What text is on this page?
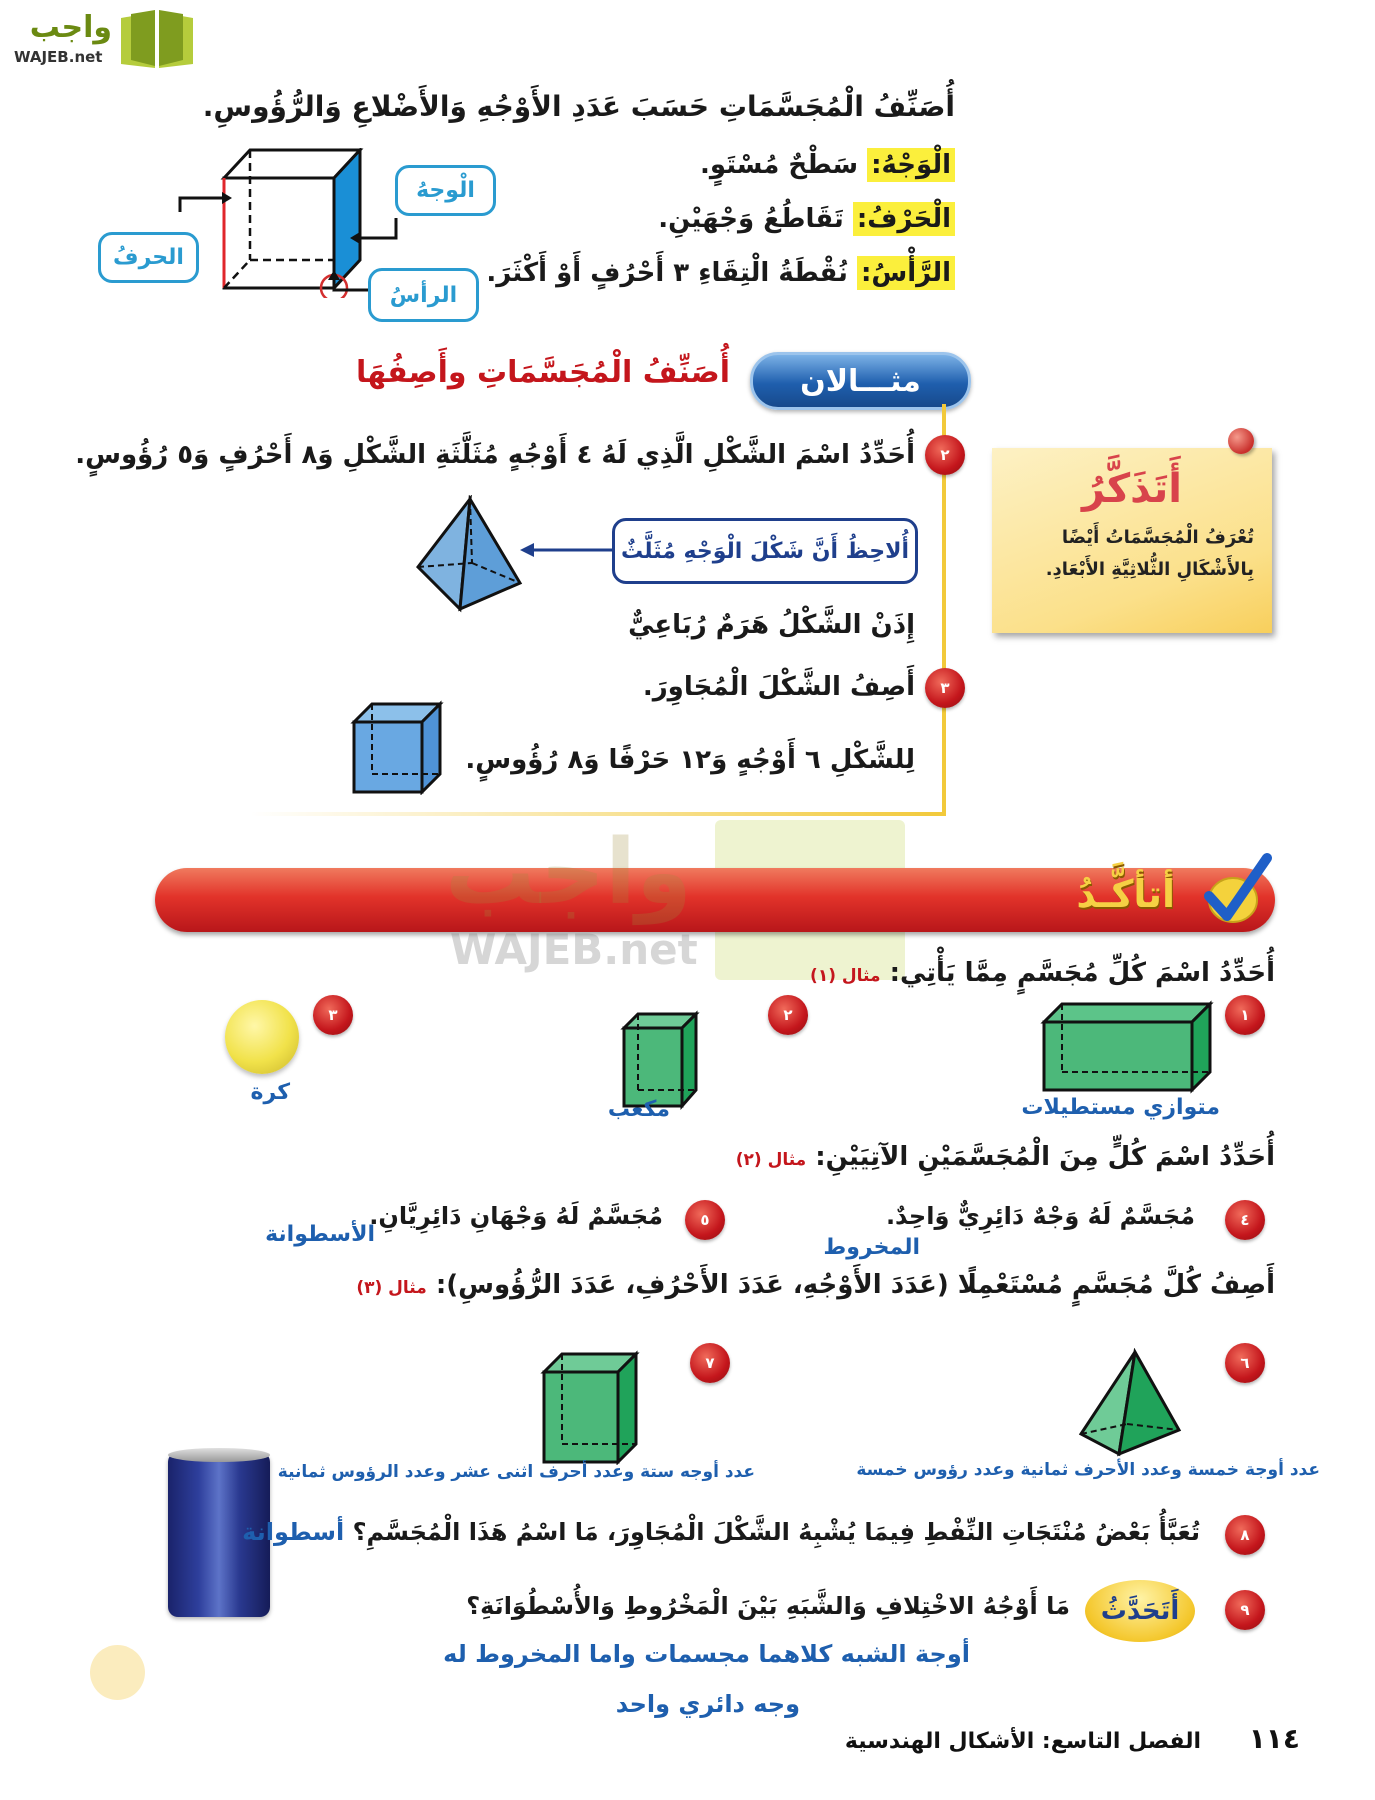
واجب
WAJEB.net
أُصَنِّفُ الْمُجَسَّمَاتِ حَسَبَ عَدَدِ الأَوْجُهِ وَالأَضْلاعِ وَالرُّؤُوسِ.
الْوَجْهُ: سَطْحٌ مُسْتَوٍ.
الْحَرْفُ: تَقَاطُعُ وَجْهَيْنِ.
الرَّأْسُ: نُقْطَةُ الْتِقَاءِ ٣ أَحْرُفٍ أَوْ أَكْثَرَ.
الْوجهُ
الحرفُ
الرأسُ
مثـــالان
أُصَنِّفُ الْمُجَسَّمَاتِ وأَصِفُهَا
٢
أُحَدِّدُ اسْمَ الشَّكْلِ الَّذِي لَهُ ٤ أَوْجُهٍ مُثَلَّثَةِ الشَّكْلِ وَ٨ أَحْرُفٍ وَ٥ رُؤُوسٍ.
أُلاحِظُ أَنَّ شَكْلَ الْوَجْهِ مُثَلَّثٌ
إِذَنْ الشَّكْلُ هَرَمٌ رُبَاعِيٌّ
٣
أَصِفُ الشَّكْلَ الْمُجَاوِرَ.
لِلشَّكْلِ ٦ أَوْجُهٍ وَ١٢ حَرْفًا وَ٨ رُؤُوسٍ.
أَتَذَكَّرُ
تُعْرَفُ الْمُجَسَّمَاتُ أَيْضًا بِالأَشْكَالِ الثُّلاثِيَّةِ الأَبْعَادِ.
واجب
WAJEB.net
أتأكَّـدُ
أُحَدِّدُ اسْمَ كُلِّ مُجَسَّمٍ مِمَّا يَأْتِي: مثال (١)
١
متوازي مستطيلات
٢
مكعب
٣
كرة
أُحَدِّدُ اسْمَ كُلٍّ مِنَ الْمُجَسَّمَيْنِ الآتِيَيْنِ: مثال (٢)
٤
مُجَسَّمٌ لَهُ وَجْهٌ دَائِرِيٌّ وَاحِدٌ.
المخروط
٥
مُجَسَّمٌ لَهُ وَجْهَانِ دَائِرِيَّانِ.
الأسطوانة
أَصِفُ كُلَّ مُجَسَّمٍ مُسْتَعْمِلًا (عَدَدَ الأَوْجُهِ، عَدَدَ الأَحْرُفِ، عَدَدَ الرُّؤُوسِ): مثال (٣)
٦
عدد أوجة خمسة وعدد الأحرف ثمانية وعدد رؤوس خمسة
٧
عدد أوجه ستة وعدد أحرف اثنى عشر وعدد الرؤوس ثمانية
٨
تُعَبَّأُ بَعْضُ مُنْتَجَاتِ النِّفْطِ فِيمَا يُشْبِهُ الشَّكْلَ الْمُجَاوِرَ، مَا اسْمُ هَذَا الْمُجَسَّمِ؟ أسطوانة
٩
أَتَحَدَّثُ
مَا أَوْجُهُ الاخْتِلافِ وَالشَّبَهِ بَيْنَ الْمَخْرُوطِ وَالأُسْطُوَانَةِ؟
أوجة الشبه كلاهما مجسمات واما المخروط له
وجه دائري واحد
١١٤ الفصل التاسع: الأشكال الهندسية
